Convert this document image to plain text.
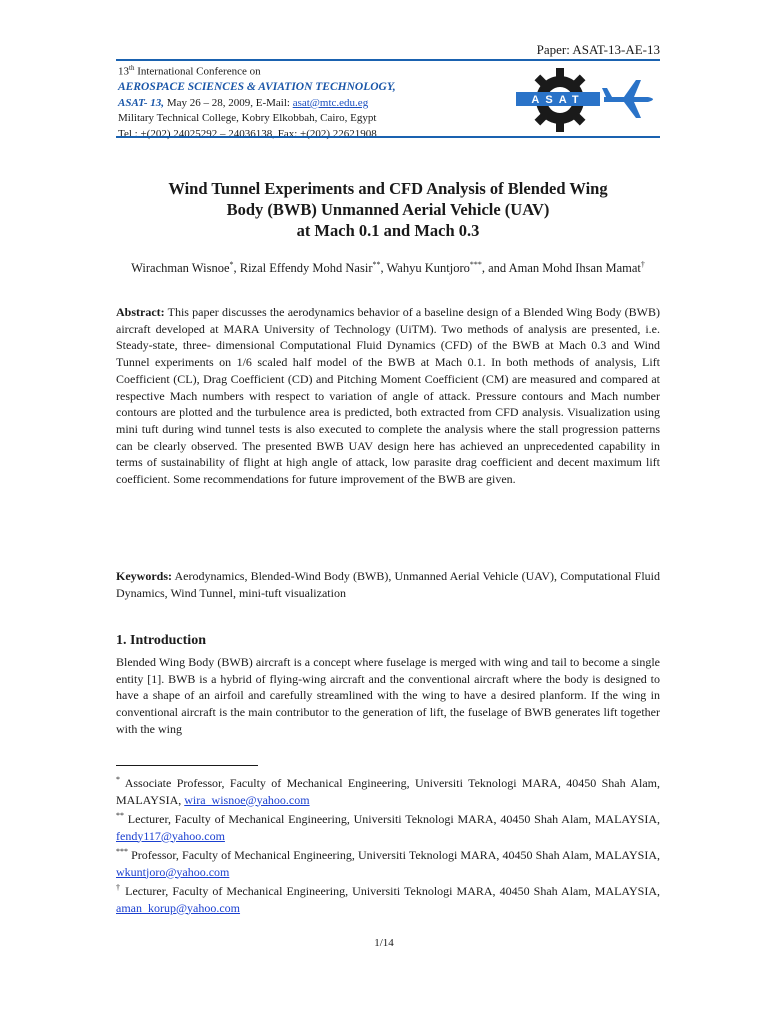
Paper: ASAT-13-AE-13
13th International Conference on
AEROSPACE SCIENCES & AVIATION TECHNOLOGY,
ASAT- 13, May 26 – 28, 2009, E-Mail: asat@mtc.edu.eg
Military Technical College, Kobry Elkobbah, Cairo, Egypt
Tel : +(202) 24025292 – 24036138, Fax: +(202) 22621908
ASAT
Wind Tunnel Experiments and CFD Analysis of Blended Wing
Body (BWB) Unmanned Aerial Vehicle (UAV)
at Mach 0.1 and Mach 0.3
Wirachman Wisnoe*, Rizal Effendy Mohd Nasir**, Wahyu Kuntjoro***, and Aman Mohd Ihsan Mamat†
Abstract: This paper discusses the aerodynamics behavior of a baseline design of a Blended Wing Body (BWB) aircraft developed at MARA University of Technology (UiTM). Two methods of analysis are presented, i.e. Steady-state, three- dimensional Computational Fluid Dynamics (CFD) of the BWB at Mach 0.3 and Wind Tunnel experiments on 1/6 scaled half model of the BWB at Mach 0.1. In both methods of analysis, Lift Coefficient (CL), Drag Coefficient (CD) and Pitching Moment Coefficient (CM) are measured and compared at respective Mach numbers with respect to variation of angle of attack. Pressure contours and Mach number contours are plotted and the turbulence area is predicted, both extracted from CFD analysis. Visualization using mini tuft during wind tunnel tests is also executed to complete the analysis where the stall progression patterns can be clearly observed. The presented BWB UAV design here has achieved an unprecedented capability in terms of sustainability of flight at high angle of attack, low parasite drag coefficient and decent maximum lift coefficient. Some recommendations for future improvement of the BWB are given.
Keywords: Aerodynamics, Blended-Wind Body (BWB), Unmanned Aerial Vehicle (UAV), Computational Fluid Dynamics, Wind Tunnel, mini-tuft visualization
1. Introduction
Blended Wing Body (BWB) aircraft is a concept where fuselage is merged with wing and tail to become a single entity [1]. BWB is a hybrid of flying-wing aircraft and the conventional aircraft where the body is designed to have a shape of an airfoil and carefully streamlined with the wing to have a desired planform. If the wing in conventional aircraft is the main contributor to the generation of lift, the fuselage of BWB generates lift together with the wing
* Associate Professor, Faculty of Mechanical Engineering, Universiti Teknologi MARA, 40450 Shah Alam, MALAYSIA, wira_wisnoe@yahoo.com
** Lecturer, Faculty of Mechanical Engineering, Universiti Teknologi MARA, 40450 Shah Alam, MALAYSIA, fendy117@yahoo.com
*** Professor, Faculty of Mechanical Engineering, Universiti Teknologi MARA, 40450 Shah Alam, MALAYSIA, wkuntjoro@yahoo.com
† Lecturer, Faculty of Mechanical Engineering, Universiti Teknologi MARA, 40450 Shah Alam, MALAYSIA, aman_korup@yahoo.com
1/14
